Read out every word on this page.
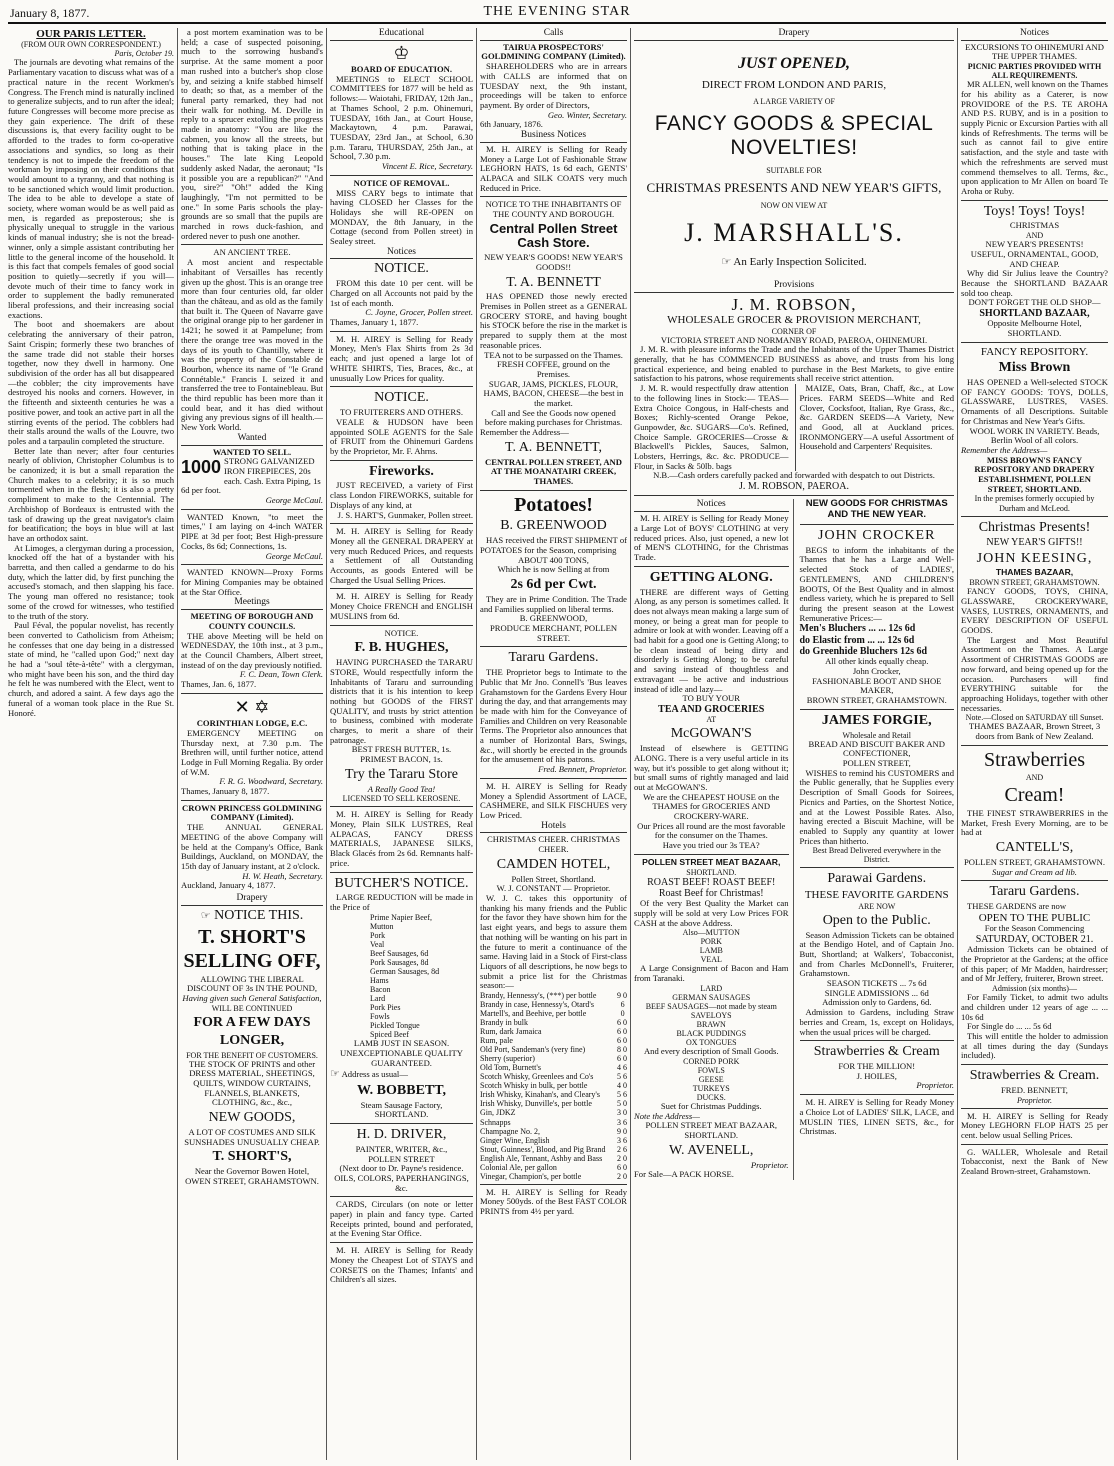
January 8, 1877.	THE EVENING STAR

OUR PARIS LETTER.

(FROM OUR OWN CORRESPONDENT.)

Paris, October 19.

The journals are devoting what remains of the Parliamentary vacation to discuss what was of a practical nature in the recent Workmen's Congress. The French mind is naturally inclined to generalize subjects, and to run after the ideal; future Congresses will become more precise as they gain experience. The drift of these discussions is, that every facility ought to be afforded to the trades to form co-operative associations and syndics, so long as their tendency is not to impede the freedom of the workman by imposing on their conditions that would amount to a tyranny, and that nothing is to be sanctioned which would limit production. The idea to be able to develope a state of society, where woman would be as well paid as men, is regarded as preposterous; she is physically unequal to struggle in the various kinds of manual industry; she is not the bread-winner, only a simple assistant contributing her little to the general income of the household. It is this fact that compels females of good social position to quietly—secretly if you will—devote much of their time to fancy work in order to supplement the badly remunerated liberal professions, and their increasing social exactions.

The boot and shoemakers are about celebrating the anniversary of their patron, Saint Crispin; formerly these two branches of the same trade did not stable their horses together, now they dwell in harmony. One subdivision of the order has all but disappeared—the cobbler; the city improvements have destroyed his nooks and corners. However, in the fifteenth and sixteenth centuries he was a positive power, and took an active part in all the stirring events of the period. The cobblers had their stalls around the walls of the Louvre, two poles and a tarpaulin completed the structure.

Better late than never; after four centuries nearly of oblivion, Christopher Columbus is to be canonized; it is but a small reparation the Church makes to a celebrity; it is so much tormented when in the flesh; it is also a pretty compliment to make to the Centennial. The Archbishop of Bordeaux is entrusted with the task of drawing up the great navigator's claim for beatification; the boys in blue will at last have an orthodox saint.

At Limoges, a clergyman during a procession, knocked off the hat of a bystander with his barretta, and then called a gendarme to do his duty, which the latter did, by first punching the accused's stomach, and then slapping his face. The young man offered no resistance; took some of the crowd for witnesses, who testified to the truth of the story.

Paul Féval, the popular novelist, has recently been converted to Catholicism from Atheism; he confesses that one day being in a distressed state of mind, he "called upon God;" next day he had a "soul tête-à-tête" with a clergyman, who might have been his son, and the third day he felt he was numbered with the Elect, went to church, and adored a saint. A few days ago the funeral of a woman took place in the Rue St. Honoré.

a post mortem examination was to be held; a case of suspected poisoning, much to the sorrowing husband's surprise. At the same moment a poor man rushed into a butcher's shop close by, and seizing a knife stabbed himself to death; so that, as a member of the funeral party remarked, they had not their walk for nothing. M. Deville in reply to a sprucer extolling the progress made in anatomy: "You are like the cabmen, you know all the streets, but nothing that is taking place in the houses." The late King Leopold suddenly asked Nadar, the aeronaut; "Is it possible you are a republican?" "And you, sire?" "Oh!" added the King laughingly, "I'm not permitted to be one." In some Paris schools the play-grounds are so small that the pupils are marched in rows duck-fashion, and ordered never to push one another.

AN ANCIENT TREE.

A most ancient and respectable inhabitant of Versailles has recently given up the ghost. This is an orange tree more than four centuries old, far older than the château, and as old as the family that built it. The Queen of Navarre gave the original orange pip to her gardener in 1421; he sowed it at Pampelune; from there the orange tree was moved in the days of its youth to Chantilly, where it was the property of the Constable de Bourbon, whence its name of "le Grand Connétable." Francis I. seized it and transferred the tree to Fontainebleau. But the third republic has been more than it could bear, and it has died without giving any previous signs of ill health.—New York World.

Wanted

WANTED TO SELL.

1000 STRONG GALVANIZED IRON FIREPIECES, 20s each. Cash. Extra Piping, 1s 6d per foot.

George McCaul.

WANTED Known, "to meet the times," I am laying on 4-inch WATER PIPE at 3d per foot; Best High-pressure Cocks, 8s 6d; Connections, 1s.

George McCaul.

WANTED KNOWN—Proxy Forms for Mining Companies may be obtained at the Star Office.

Meetings

MEETING OF BOROUGH AND COUNTY COUNCILS.

THE above Meeting will be held on WEDNESDAY, the 10th inst., at 3 p.m., at the Council Chambers, Albert street, instead of on the day previously notified.

F. C. Dean, Town Clerk.

Thames, Jan. 6, 1877.

✕ ✡

CORINTHIAN LODGE, E.C.

EMERGENCY MEETING on Thursday next, at 7.30 p.m. The Brethren will, until further notice, attend Lodge in Full Morning Regalia. By order of W.M.

F. R. G. Woodward, Secretary.

Thames, January 8, 1877.

CROWN PRINCESS GOLDMINING COMPANY (Limited).

THE ANNUAL GENERAL MEETING of the above Company will be held at the Company's Office, Bank Buildings, Auckland, on MONDAY, the 15th day of January instant, at 2 o'clock.

H. W. Heath, Secretary.

Auckland, January 4, 1877.

Drapery

☞ NOTICE THIS.

T. SHORT'S

SELLING OFF,

ALLOWING THE LIBERAL DISCOUNT OF 3s IN THE POUND,

Having given such General Satisfaction,

WILL BE CONTINUED

FOR A FEW DAYS

LONGER,

FOR THE BENEFIT OF CUSTOMERS.

THE STOCK OF PRINTS and other DRESS MATERIAL, SHEETINGS, QUILTS, WINDOW CURTAINS, FLANNELS, BLANKETS, CLOTHING, &c., &c.,

NEW GOODS,

A LOT OF COSTUMES AND SILK SUNSHADES UNUSUALLY CHEAP.

T. SHORT'S,

Near the Governor Bowen Hotel, OWEN STREET, GRAHAMSTOWN.

Educational
♔

BOARD OF EDUCATION.

MEETINGS to ELECT SCHOOL COMMITTEES for 1877 will be held as follows:— Waiotahi, FRIDAY, 12th Jan., at Thames School, 2 p.m. Ohinemuri, TUESDAY, 16th Jan., at Court House, Mackaytown, 4 p.m. Parawai, TUESDAY, 23rd Jan., at School, 6.30 p.m. Tararu, THURSDAY, 25th Jan., at School, 7.30 p.m.

Vincent E. Rice, Secretary.

NOTICE OF REMOVAL.

MISS CARY begs to intimate that having CLOSED her Classes for the Holidays she will RE-OPEN on MONDAY, the 8th January, in the Cottage (second from Pollen street) in Sealey street.

Notices

NOTICE.

FROM this date 10 per cent. will be Charged on all Accounts not paid by the 1st of each month.

C. Joyne, Grocer, Pollen street.

Thames, January 1, 1877.

M. H. AIREY is Selling for Ready Money, Men's Flax Shirts from 2s 3d each; and just opened a large lot of WHITE SHIRTS, Ties, Braces, &c., at unusually Low Prices for quality.

NOTICE.

TO FRUITERERS AND OTHERS.

VEALE & HUDSON have been appointed SOLE AGENTS for the Sale of FRUIT from the Ohinemuri Gardens by the Proprietor, Mr. F. Ahrns.

Fireworks.

JUST RECEIVED, a variety of First class London FIREWORKS, suitable for Displays of any kind, at

J. S. HART'S, Gunmaker, Pollen street.

M. H. AIREY is Selling for Ready Money all the GENERAL DRAPERY at very much Reduced Prices, and requests a Settlement of all Outstanding Accounts, as goods Entered will be Charged the Usual Selling Prices.

M. H. AIREY is Selling for Ready Money Choice FRENCH and ENGLISH MUSLINS from 6d.

NOTICE.

F. B. HUGHES,

HAVING PURCHASED the TARARU STORE, Would respectfully inform the Inhabitants of Tararu and surrounding districts that it is his intention to keep nothing but GOODS of the FIRST QUALITY, and trusts by strict attention to business, combined with moderate charges, to merit a share of their patronage.

BEST FRESH BUTTER, 1s.

PRIMEST BACON, 1s.

Try the Tararu Store

A Really Good Tea!

LICENSED TO SELL KEROSENE.

M. H. AIREY is Selling for Ready Money, Plain SILK LUSTRES, Real ALPACAS, FANCY DRESS MATERIALS, JAPANESE SILKS, Black Glacés from 2s 6d. Remnants half-price.

BUTCHER'S NOTICE.

LARGE REDUCTION will be made in the Price of

Prime Napier Beef,
Mutton
Pork
Veal
Beef Sausages, 6d
Pork Sausages, 8d
German Sausages, 8d
Hams
Bacon
Lard
Pork Pies
Fowls
Pickled Tongue
Spiced Beef

LAMB JUST IN SEASON.

UNEXCEPTIONABLE QUALITY GUARANTEED.

☞ Address as usual—

W. BOBBETT,

Steam Sausage Factory,

SHORTLAND.

H. D. DRIVER,

PAINTER, WRITER, &c.,

POLLEN STREET

(Next door to Dr. Payne's residence.

OILS, COLORS, PAPERHANGINGS, &c.

CARDS, Circulars (on note or letter paper) in plain and fancy type. Carted Receipts printed, bound and perforated, at the Evening Star Office.

M. H. AIREY is Selling for Ready Money the Cheapest Lot of STAYS and CORSETS on the Thames; Infants' and Children's all sizes.

Calls

TAIRUA PROSPECTORS' GOLDMINING COMPANY (Limited).

SHAREHOLDERS who are in arrears with CALLS are informed that on TUESDAY next, the 9th instant, proceedings will be taken to enforce payment. By order of Directors,

Geo. Winter, Secretary.

6th January, 1876.

Business Notices

M. H. AIREY is Selling for Ready Money a Large Lot of Fashionable Straw LEGHORN HATS, 1s 6d each, GENTS' ALPACA and SILK COATS very much Reduced in Price.

NOTICE TO THE INHABITANTS OF THE COUNTY AND BOROUGH.

Central Pollen Street Cash Store.

NEW YEAR'S GOODS! NEW YEAR'S GOODS!!

T. A. BENNETT

HAS OPENED those newly erected Premises in Pollen street as a GENERAL GROCERY STORE, and having bought his STOCK before the rise in the market is prepared to supply them at the most reasonable prices.

TEA not to be surpassed on the Thames.

FRESH COFFEE, ground on the Premises.

SUGAR, JAMS, PICKLES, FLOUR, HAMS, BACON, CHEESE—the best in the market.

Call and See the Goods now opened before making purchases for Christmas.

Remember the Address—

T. A. BENNETT,

CENTRAL POLLEN STREET, AND AT THE MOANATAIRI CREEK, THAMES.

Potatoes!

B. GREENWOOD

HAS received the FIRST SHIPMENT of POTATOES for the Season, comprising

ABOUT 400 TONS,

Which he is now Selling at from

2s 6d per Cwt.

They are in Prime Condition. The Trade and Families supplied on liberal terms.

B. GREENWOOD,

PRODUCE MERCHANT, POLLEN STREET.

Tararu Gardens.

THE Proprietor begs to Intimate to the Public that Mr Jno. Connell's 'Bus leaves Grahamstown for the Gardens Every Hour during the day, and that arrangements may be made with him for the Conveyance of Families and Children on very Reasonable Terms. The Proprietor also announces that a number of Horizontal Bars, Swings, &c., will shortly be erected in the grounds for the amusement of his patrons.

Fred. Bennett, Proprietor.

M. H. AIREY is Selling for Ready Money a Splendid Assortment of LACE, CASHMERE, and SILK FISCHUES very Low Priced.

Hotels

CHRISTMAS CHEER. CHRISTMAS CHEER.

CAMDEN HOTEL,

Pollen Street, Shortland.

W. J. CONSTANT — Proprietor.

W. J. C. takes this opportunity of thanking his many friends and the Public for the favor they have shown him for the last eight years, and begs to assure them that nothing will be wanting on his part in the future to merit a continuance of the same. Having laid in a Stock of First-class Liquors of all descriptions, he now begs to submit a price list for the Christmas season:—

Brandy, Hennessy's, (***) per bottle	9 0
Brandy in case, Hennessy's, Otard's Martell's, and Beehive, per bottle
6 0
Brandy in bulk	6 0
Rum, dark Jamaica	6 0
Rum, pale	6 0
Old Port, Sandeman's (very fine)	8 0
Sherry (superior)	6 0
Old Tom, Burnett's	4 6
Scotch Whisky, Greenlees and Co's	5 6
Scotch Whisky in bulk, per bottle	4 0
Irish Whisky, Kinahan's, and Cleary's 5 6
Irish Whisky, Dunville's, per bottle	5 0
Gin, JDKZ	3 0
Schnapps	3 6
Champagne No. 2,	9 0
Ginger Wine, English	3 6
Stout, Guinness', Blood, and Pig Brand 2 6
English Ale, Tennant, Ashby and Bass 2 0
Colonial Ale, per gallon	6 0
Vinegar, Champion's, per bottle	2 0

M. H. AIREY is Selling for Ready Money 500yds. of the Best FAST COLOR PRINTS from 4½ per yard.

Drapery

JUST OPENED,

DIRECT FROM LONDON AND PARIS,

A LARGE VARIETY OF

FANCY GOODS & SPECIAL NOVELTIES!

SUITABLE FOR

CHRISTMAS PRESENTS AND NEW YEAR'S GIFTS,

NOW ON VIEW AT

J. MARSHALL'S.

☞ An Early Inspection Solicited.

Provisions

J. M. ROBSON,

WHOLESALE GROCER & PROVISION MERCHANT,

CORNER OF

VICTORIA STREET AND NORMANBY ROAD, PAEROA, OHINEMURI.

J. M. R. with pleasure informs the Trade and the Inhabitants of the Upper Thames District generally, that he has COMMENCED BUSINESS as above, and trusts from his long practical experience, and being enabled to purchase in the Best Markets, to give entire satisfaction to his patrons, whose requirements shall receive strict attention.

J. M. R. would respectfully draw attention to the following lines in Stock:— TEAS—Extra Choice Congous, in Half-chests and Boxes; Richly-scented Orange Pekoe, Gunpowder, &c. SUGARS—Co's. Refined, Choice Sample. GROCERIES—Crosse & Blackwell's Pickles, Sauces, Salmon, Lobsters, Herrings, &c. &c. PRODUCE—Flour, in Sacks & 50lb. bags

MAIZE, Oats, Bran, Chaff, &c., at Low Prices. FARM SEEDS—White and Red Clover, Cocksfoot, Italian, Rye Grass, &c., &c. GARDEN SEEDS—A Variety, New and Good, all at Auckland prices. IRONMONGERY—A useful Assortment of Household and Carpenters' Requisites.

N.B.—Cash orders carefully packed and forwarded with despatch to out Districts.

J. M. ROBSON, PAEROA.

Notices

M. H. AIREY is Selling for Ready Money a Large Lot of BOYS' CLOTHING at very reduced prices. Also, just opened, a new lot of MEN'S CLOTHING, for the Christmas Trade.

GETTING ALONG.

THERE are different ways of Getting Along, as any person is sometimes called. It does not always mean making a large sum of money, or being a great man for people to admire or look at with wonder. Leaving off a bad habit for a good one is Getting Along; to be clean instead of being dirty and disorderly is Getting Along; to be careful and saving instead of thoughtless and extravagant — be active and industrious instead of idle and lazy—

TO BUY YOUR

TEA AND GROCERIES

AT

McGOWAN'S

Instead of elsewhere is GETTING ALONG. There is a very useful article in its way, but it's possible to get along without it; but small sums of rightly managed and laid out at McGOWAN'S.

We are the CHEAPEST HOUSE on the THAMES for GROCERIES AND CROCKERY-WARE.

Our Prices all round are the most favorable for the consumer on the Thames.

Have you tried our 3s TEA?

POLLEN STREET MEAT BAZAAR,

SHORTLAND.

ROAST BEEF! ROAST BEEF!

Roast Beef for Christmas!

Of the very Best Quality the Market can supply will be sold at very Low Prices FOR CASH at the above Address.

Also—MUTTON
PORK
LAMB
VEAL

A Large Consignment of Bacon and Ham from Taranaki.

LARD
GERMAN SAUSAGES
BEEF SAUSAGES—not made by steam
SAVELOYS
BRAWN
BLACK PUDDINGS
OX TONGUES

And every description of Small Goods.

CORNED PORK
FOWLS
GEESE
TURKEYS
DUCKS.

Suet for Christmas Puddings.

Note the Address—

POLLEN STREET MEAT BAZAAR, SHORTLAND.

W. AVENELL,

Proprietor.

For Sale—A PACK HORSE.

NEW GOODS FOR CHRISTMAS AND THE NEW YEAR.

JOHN CROCKER

BEGS to inform the inhabitants of the Thames that he has a Large and Well-selected Stock of LADIES', GENTLEMEN'S, AND CHILDREN'S BOOTS, Of the Best Quality and in almost endless variety, which he is prepared to Sell during the present season at the Lowest Remunerative Prices:—

Men's Bluchers ... ... 12s 6d

do Elastic from ... ... 12s 6d

do Greenhide Bluchers 12s 6d

All other kinds equally cheap.

John Crocker,

FASHIONABLE BOOT AND SHOE MAKER,

BROWN STREET, GRAHAMSTOWN.

JAMES FORGIE,

Wholesale and Retail

BREAD AND BISCUIT BAKER AND CONFECTIONER,

POLLEN STREET,

WISHES to remind his CUSTOMERS and the Public generally, that he Supplies every Description of Small Goods for Soirees, Picnics and Parties, on the Shortest Notice, and at the Lowest Possible Rates. Also, having erected a Biscuit Machine, will be enabled to Supply any quantity at lower Prices than hitherto.

Best Bread Delivered everywhere in the District.

Parawai Gardens.

THESE FAVORITE GARDENS

ARE NOW

Open to the Public.

Season Admission Tickets can be obtained at the Bendigo Hotel, and of Captain Jno. Butt, Shortland; at Walkers', Tobacconist, and from Charles McDonnell's, Fruiterer, Grahamstown.

SEASON TICKETS ... 7s 6d

SINGLE ADMISSIONS ... 6d

Admission only to Gardens, 6d.

Admission to Gardens, including Straw berries and Cream, 1s, except on Holidays, when the usual prices will be charged.

Strawberries & Cream

FOR THE MILLION!

J. HOILES,

Proprietor.

M. H. AIREY is Selling for Ready Money a Choice Lot of LADIES' SILK, LACE, and MUSLIN TIES, LINEN SETS, &c., for Christmas.

Notices

EXCURSIONS TO OHINEMURI AND THE UPPER THAMES.

PICNIC PARTIES PROVIDED WITH ALL REQUIREMENTS.

MR ALLEN, well known on the Thames for his ability as a Caterer, is now PROVIDORE of the P.S. TE AROHA AND P.S. RUBY, and is in a position to supply Picnic or Excursion Parties with all kinds of Refreshments. The terms will be such as cannot fail to give entire satisfaction, and the style and taste with which the refreshments are served must commend themselves to all. Terms, &c., upon application to Mr Allen on board Te Aroha or Ruby.

Toys! Toys! Toys!

CHRISTMAS

AND

NEW YEAR'S PRESENTS!

USEFUL, ORNAMENTAL, GOOD, AND CHEAP.

Why did Sir Julius leave the Country? Because the SHORTLAND BAZAAR sold too cheap.

DON'T FORGET THE OLD SHOP—

SHORTLAND BAZAAR,

Opposite Melbourne Hotel, SHORTLAND.

FANCY REPOSITORY.

Miss Brown

HAS OPENED a Well-selected STOCK OF FANCY GOODS: TOYS, DOLLS, GLASSWARE, LUSTRES, VASES. Ornaments of all Descriptions. Suitable for Christmas and New Year's Gifts.

WOOL WORK IN VARIETY. Beads, Berlin Wool of all colors.

Remember the Address—

MISS BROWN'S FANCY REPOSITORY AND DRAPERY ESTABLISHMENT, POLLEN STREET, SHORTLAND.

In the premises formerly occupied by Durham and McLeod.

Christmas Presents!

NEW YEAR'S GIFTS!!

JOHN KEESING,

THAMES BAZAAR,

BROWN STREET, GRAHAMSTOWN.

FANCY GOODS, TOYS, CHINA, GLASSWARE, CROCKERYWARE, VASES, LUSTRES, ORNAMENTS, and EVERY DESCRIPTION OF USEFUL GOODS.

The Largest and Most Beautiful Assortment on the Thames. A Large Assortment of CHRISTMAS GOODS are now forward, and being opened up for the occasion. Purchasers will find EVERYTHING suitable for the approaching Holidays, together with other necessaries.

Note.—Closed on SATURDAY till Sunset.

THAMES BAZAAR, Brown Street, 3 doors from Bank of New Zealand.

Strawberries

AND

Cream!

THE FINEST STRAWBERRIES in the Market, Fresh Every Morning, are to be had at

CANTELL'S,

POLLEN STREET, GRAHAMSTOWN.

Sugar and Cream ad lib.

Tararu Gardens.

THESE GARDENS are now

OPEN TO THE PUBLIC

For the Season Commencing

SATURDAY, OCTOBER 21.

Admission Tickets can be obtained of the Proprietor at the Gardens; at the office of this paper; of Mr Madden, hairdresser; and of Mr Jeffery, fruiterer, Brown street.

Admission (six months)—

For Family Ticket, to admit two adults and children under 12 years of age ... ... 10s 6d

For Single do ... ... 5s 6d

This will entitle the holder to admission at all times during the day (Sundays included).

Strawberries & Cream.

FRED. BENNETT,

Proprietor.

M. H. AIREY is Selling for Ready Money LEGHORN FLOP HATS 25 per cent. below usual Selling Prices.

G. WALLER, Wholesale and Retail Tobacconist, next the Bank of New Zealand Brown-street, Grahamstown.
